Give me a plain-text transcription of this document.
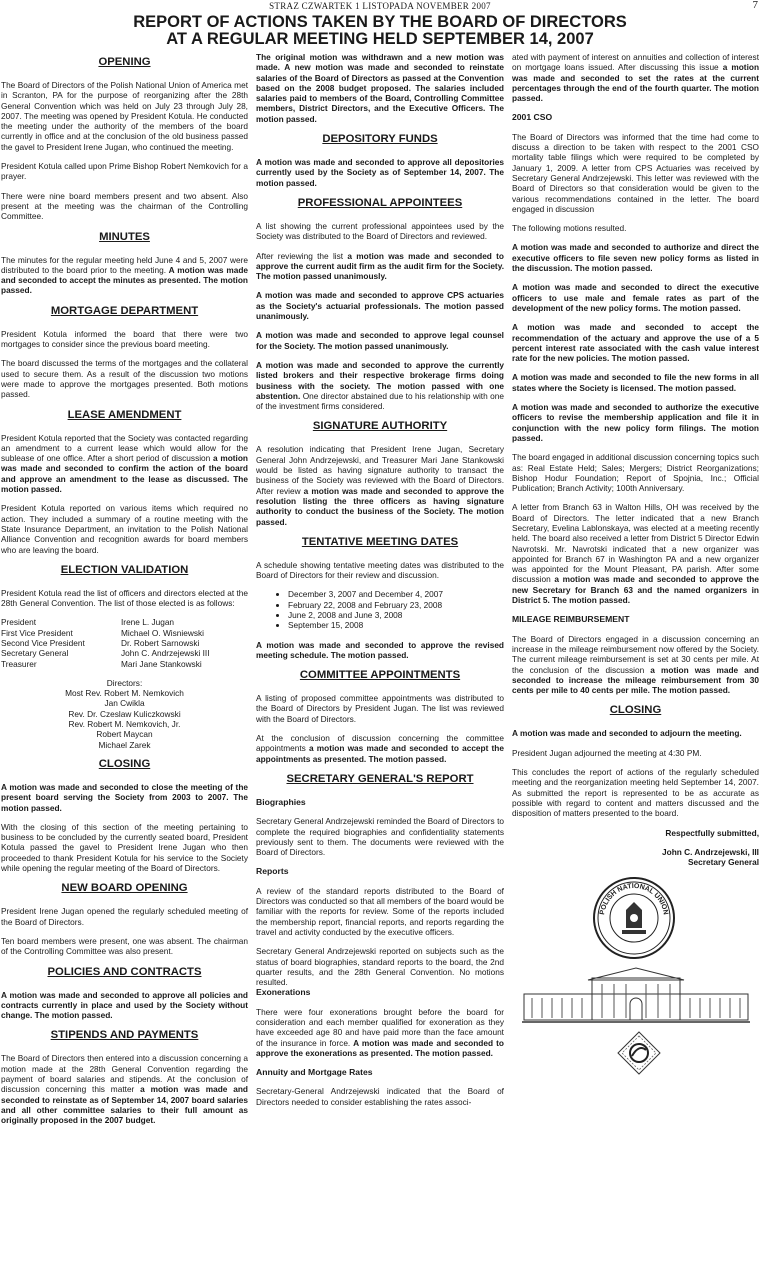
STRAZ CZWARTEK 1 LISTOPADA NOVEMBER 2007	7
REPORT OF ACTIONS TAKEN BY THE BOARD OF DIRECTORS
AT A REGULAR MEETING HELD SEPTEMBER 14, 2007
OPENING

The Board of Directors of the Polish National Union of America met in Scranton, PA for the purpose of reorganizing after the 28th General Convention which was held on July 23 through July 28, 2007. The meeting was opened by President Kotula. He conducted the meeting under the authority of the members of the board currently in office and at the conclusion of the old business passed the gavel to President Irene Jugan, who continued the meeting.

President Kotula called upon Prime Bishop Robert Nemkovich for a prayer.

There were nine board members present and two absent. Also present at the meeting was the chairman of the Controlling Committee.

MINUTES

The minutes for the regular meeting held June 4 and 5, 2007 were distributed to the board prior to the meeting. A motion was made and seconded to accept the minutes as presented. The motion passed.

MORTGAGE DEPARTMENT

President Kotula informed the board that there were two mortgages to consider since the previous board meeting.

The board discussed the terms of the mortgages and the collateral used to secure them. As a result of the discussion two motions were made to approve the mortgages presented. Both motions passed.

LEASE AMENDMENT

President Kotula reported that the Society was contacted regarding an amendment to a current lease which would allow for the sublease of one office. After a short period of discussion a motion was made and seconded to confirm the action of the board and approve an amendment to the lease as discussed. The motion passed.

President Kotula reported on various items which required no action. They included a summary of a routine meeting with the State Insurance Department, an invitation to the Polish National Alliance Convention and recognition awards for board members who are leaving the board.

ELECTION VALIDATION

President Kotula read the list of officers and directors elected at the 28th General Convention. The list of those elected is as follows:

President	Irene L. Jugan
First Vice President	Michael O. Wisniewski
Second Vice President	Dr. Robert Sarnowski
Secretary General	John C. Andrzejewski III
Treasurer	Mari Jane Stankowski
Directors:
Most Rev. Robert M. Nemkovich
Jan Cwikla
Rev. Dr. Czeslaw Kuliczkowski
Rev. Robert M. Nemkovich, Jr.
Robert Maycan
Michael Zarek
CLOSING

A motion was made and seconded to close the meeting of the present board serving the Society from 2003 to 2007. The motion passed.

With the closing of this section of the meeting pertaining to business to be concluded by the currently seated board, President Kotula passed the gavel to President Irene Jugan who then proceeded to thank President Kotula for his service to the Society while opening the regular meeting of the Board of Directors.

NEW BOARD OPENING

President Irene Jugan opened the regularly scheduled meeting of the Board of Directors.

Ten board members were present, one was absent. The chairman of the Controlling Committee was also present.

POLICIES AND CONTRACTS

A motion was made and seconded to approve all policies and contracts currently in place and used by the Society without change. The motion passed.

STIPENDS AND PAYMENTS

The Board of Directors then entered into a discussion concerning a motion made at the 28th General Convention regarding the payment of board salaries and stipends. At the conclusion of discussion concerning this matter a motion was made and seconded to reinstate as of September 14, 2007 board salaries and all other committee salaries to their full amount as originally proposed in the 2007 budget.

The original motion was withdrawn and a new motion was made. A new motion was made and seconded to reinstate salaries of the Board of Directors as passed at the Convention based on the 2008 budget proposed. The salaries included salaries paid to members of the Board, Controlling Committee members, District Directors, and the Executive Officers. The motion passed.

DEPOSITORY FUNDS

A motion was made and seconded to approve all depositories currently used by the Society as of September 14, 2007. The motion passed.

PROFESSIONAL APPOINTEES

A list showing the current professional appointees used by the Society was distributed to the Board of Directors and reviewed.

After reviewing the list a motion was made and seconded to approve the current audit firm as the audit firm for the Society. The motion passed unanimously.

A motion was made and seconded to approve CPS actuaries as the Society's actuarial professionals. The motion passed unanimously.

A motion was made and seconded to approve legal counsel for the Society. The motion passed unanimously.

A motion was made and seconded to approve the currently listed brokers and their respective brokerage firms doing business with the society. The motion passed with one abstention. One director abstained due to his relationship with one of the investment firms considered.

SIGNATURE AUTHORITY

A resolution indicating that President Irene Jugan, Secretary General John Andrzejewski, and Treasurer Mari Jane Stankowski would be listed as having signature authority to transact the business of the Society was reviewed with the Board of Directors. After review a motion was made and seconded to approve the resolution listing the three officers as having signature authority to conduct the business of the Society. The motion passed.

TENTATIVE MEETING DATES

A schedule showing tentative meeting dates was distributed to the Board of Directors for their review and discussion.

• December 3, 2007 and December 4, 2007
• February 22, 2008 and February 23, 2008
• June 2, 2008 and June 3, 2008
• September 15, 2008

A motion was made and seconded to approve the revised meeting schedule. The motion passed.

COMMITTEE APPOINTMENTS

A listing of proposed committee appointments was distributed to the Board of Directors by President Jugan. The list was reviewed with the Board of Directors.

At the conclusion of discussion concerning the committee appointments a motion was made and seconded to accept the appointments as presented. The motion passed.

SECRETARY GENERAL'S REPORT
Biographies

Secretary General Andrzejewski reminded the Board of Directors to complete the required biographies and confidentiality statements previously sent to them. The documents were reviewed with the Board of Directors.

Reports

A review of the standard reports distributed to the Board of Directors was conducted so that all members of the board would be familiar with the reports for review. Some of the reports included the membership report, financial reports, and reports regarding the travel and activity conducted by the executive officers.

Secretary General Andrzejewski reported on subjects such as the status of board biographies, standard reports to the board, the 2nd quarter results, and the 28th General Convention. No motions resulted.

Exonerations

There were four exonerations brought before the board for consideration and each member qualified for exoneration as they have exceeded age 80 and have paid more than the face amount of the insurance in force. A motion was made and seconded to approve the exonerations as presented. The motion passed.

Annuity and Mortgage Rates

Secretary-General Andrzejewski indicated that the Board of Directors needed to consider establishing the rates associ-

ated with payment of interest on annuities and collection of interest on mortgage loans issued. After discussing this issue a motion was made and seconded to set the rates at the current percentages through the end of the fourth quarter. The motion passed.

2001 CSO

The Board of Directors was informed that the time had come to discuss a direction to be taken with respect to the 2001 CSO mortality table filings which were required to be completed by January 1, 2009. A letter from CPS Actuaries was received by Secretary General Andrzejewski. This letter was reviewed with the Board of Directors so that consideration would be given to the various recommendations contained in the letter. The board engaged in discussion

The following motions resulted.

A motion was made and seconded to authorize and direct the executive officers to file seven new policy forms as listed in the discussion. The motion passed.

A motion was made and seconded to direct the executive officers to use male and female rates as part of the development of the new policy forms. The motion passed.

A motion was made and seconded to accept the recommendation of the actuary and approve the use of a 5 percent interest rate associated with the cash value interest rate for the new policies. The motion passed.

A motion was made and seconded to file the new forms in all states where the Society is licensed. The motion passed.

A motion was made and seconded to authorize the executive officers to revise the membership application and file it in conjunction with the new policy form filings. The motion passed.

The board engaged in additional discussion concerning topics such as: Real Estate Held; Sales; Mergers; District Reorganizations; Bishop Hodur Foundation; Report of Spojnia, Inc.; Official Publication; Branch Activity; 100th Anniversary.

A letter from Branch 63 in Walton Hills, OH was received by the Board of Directors. The letter indicated that a new Branch Secretary, Evelina Lablonskaya, was elected at a meeting recently held. The board also received a letter from District 5 Director Edwin Navrotski. Mr. Navrotski indicated that a new organizer was appointed for Branch 67 in Washington PA and a new organizer was appointed for the Mount Pleasant, PA parish. After some discussion a motion was made and seconded to approve the new Secretary for Branch 63 and the named organizers in District 5. The motion passed.

MILEAGE REIMBURSEMENT

The Board of Directors engaged in a discussion concerning an increase in the mileage reimbursement now offered by the Society. The current mileage reimbursement is set at 30 cents per mile. At the conclusion of the discussion a motion was made and seconded to increase the mileage reimbursement from 30 cents per mile to 40 cents per mile. The motion passed.

CLOSING

A motion was made and seconded to adjourn the meeting.

President Jugan adjourned the meeting at 4:30 PM.

This concludes the report of actions of the regularly scheduled meeting and the reorganization meeting held September 14, 2007. As submitted the report is represented to be as accurate as possible with regard to content and matters discussed and the disposition of matters presented to the board.

Respectfully submitted,

John C. Andrzejewski, III
Secretary General
POLISH NATIONAL UNION
